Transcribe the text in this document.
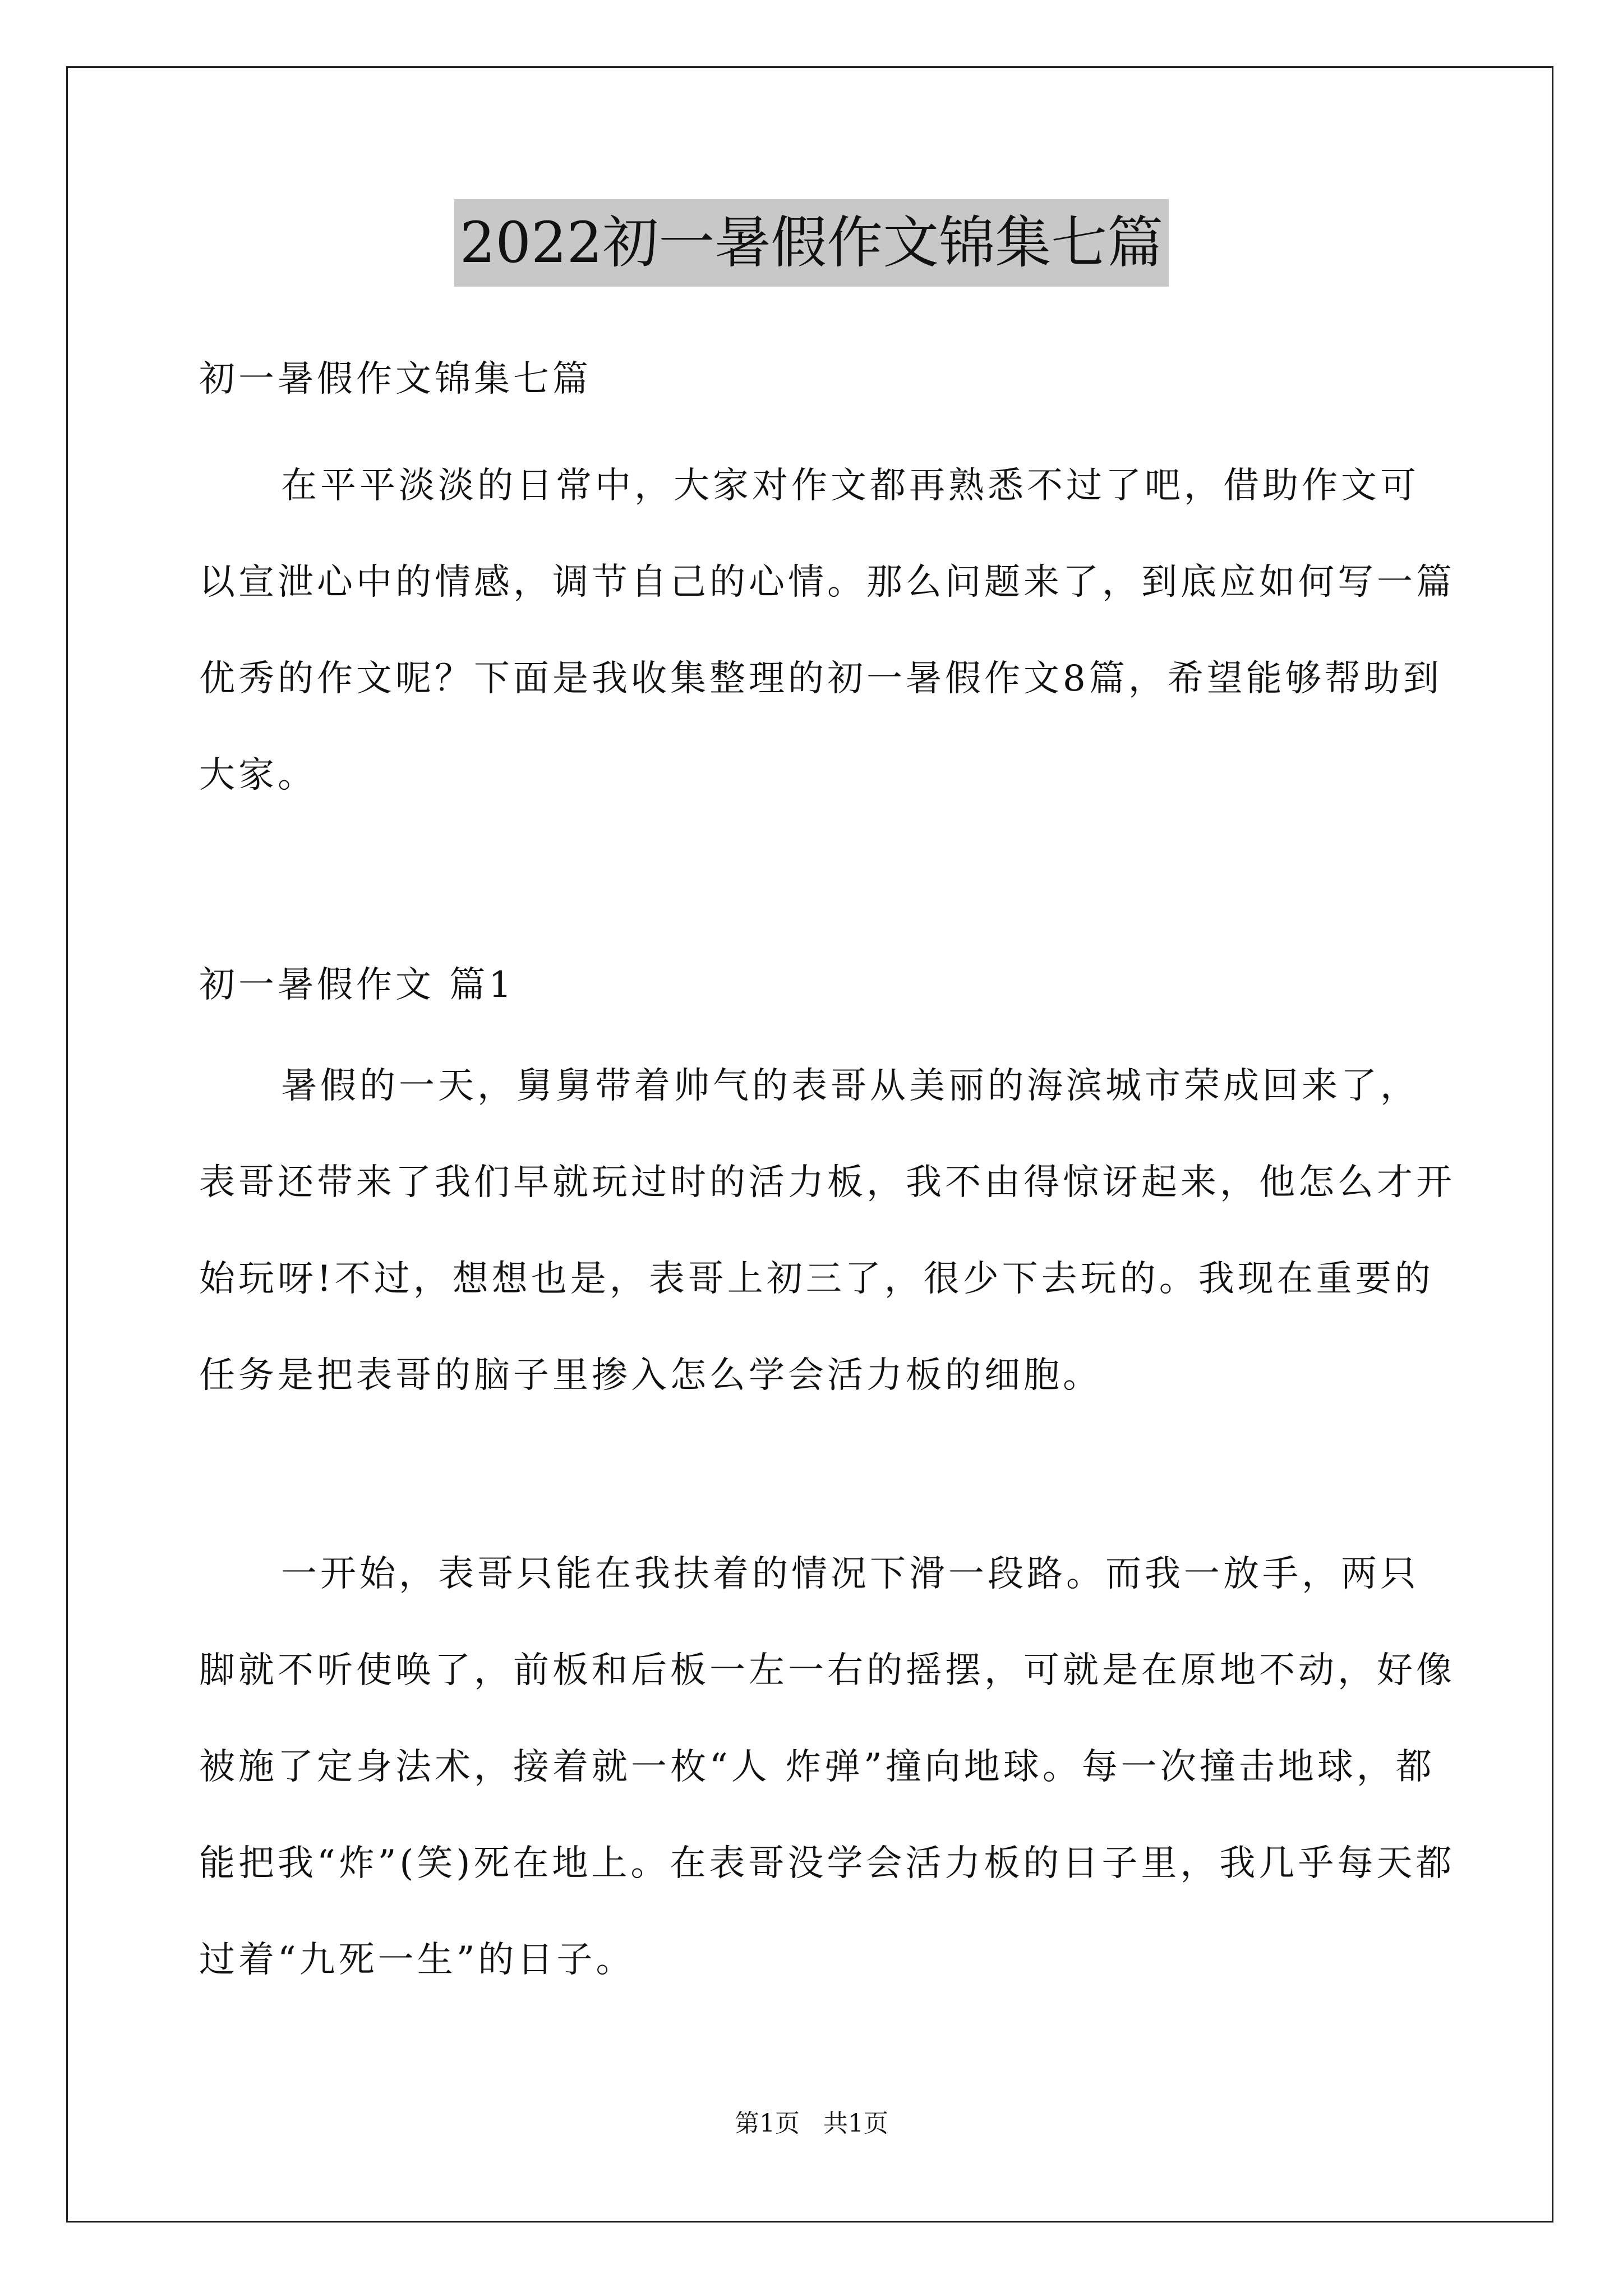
2022初一暑假作文锦集七篇
初一暑假作文锦集七篇

在平平淡淡的日常中，大家对作文都再熟悉不过了吧，借助作文可以宣泄心中的情感，调节自己的心情。那么问题来了，到底应如何写一篇优秀的作文呢？下面是我收集整理的初一暑假作文8篇，希望能够帮助到大家。

初一暑假作文 篇1

暑假的一天，舅舅带着帅气的表哥从美丽的海滨城市荣成回来了，表哥还带来了我们早就玩过时的活力板，我不由得惊讶起来，他怎么才开始玩呀!不过，想想也是，表哥上初三了，很少下去玩的。我现在重要的任务是把表哥的脑子里掺入怎么学会活力板的细胞。

一开始，表哥只能在我扶着的情况下滑一段路。而我一放手，两只脚就不听使唤了，前板和后板一左一右的摇摆，可就是在原地不动，好像被施了定身法术，接着就一枚“人 炸弹”撞向地球。每一次撞击地球，都能把我“炸”(笑)死在地上。在表哥没学会活力板的日子里，我几乎每天都过着“九死一生”的日子。

第1页 共1页
